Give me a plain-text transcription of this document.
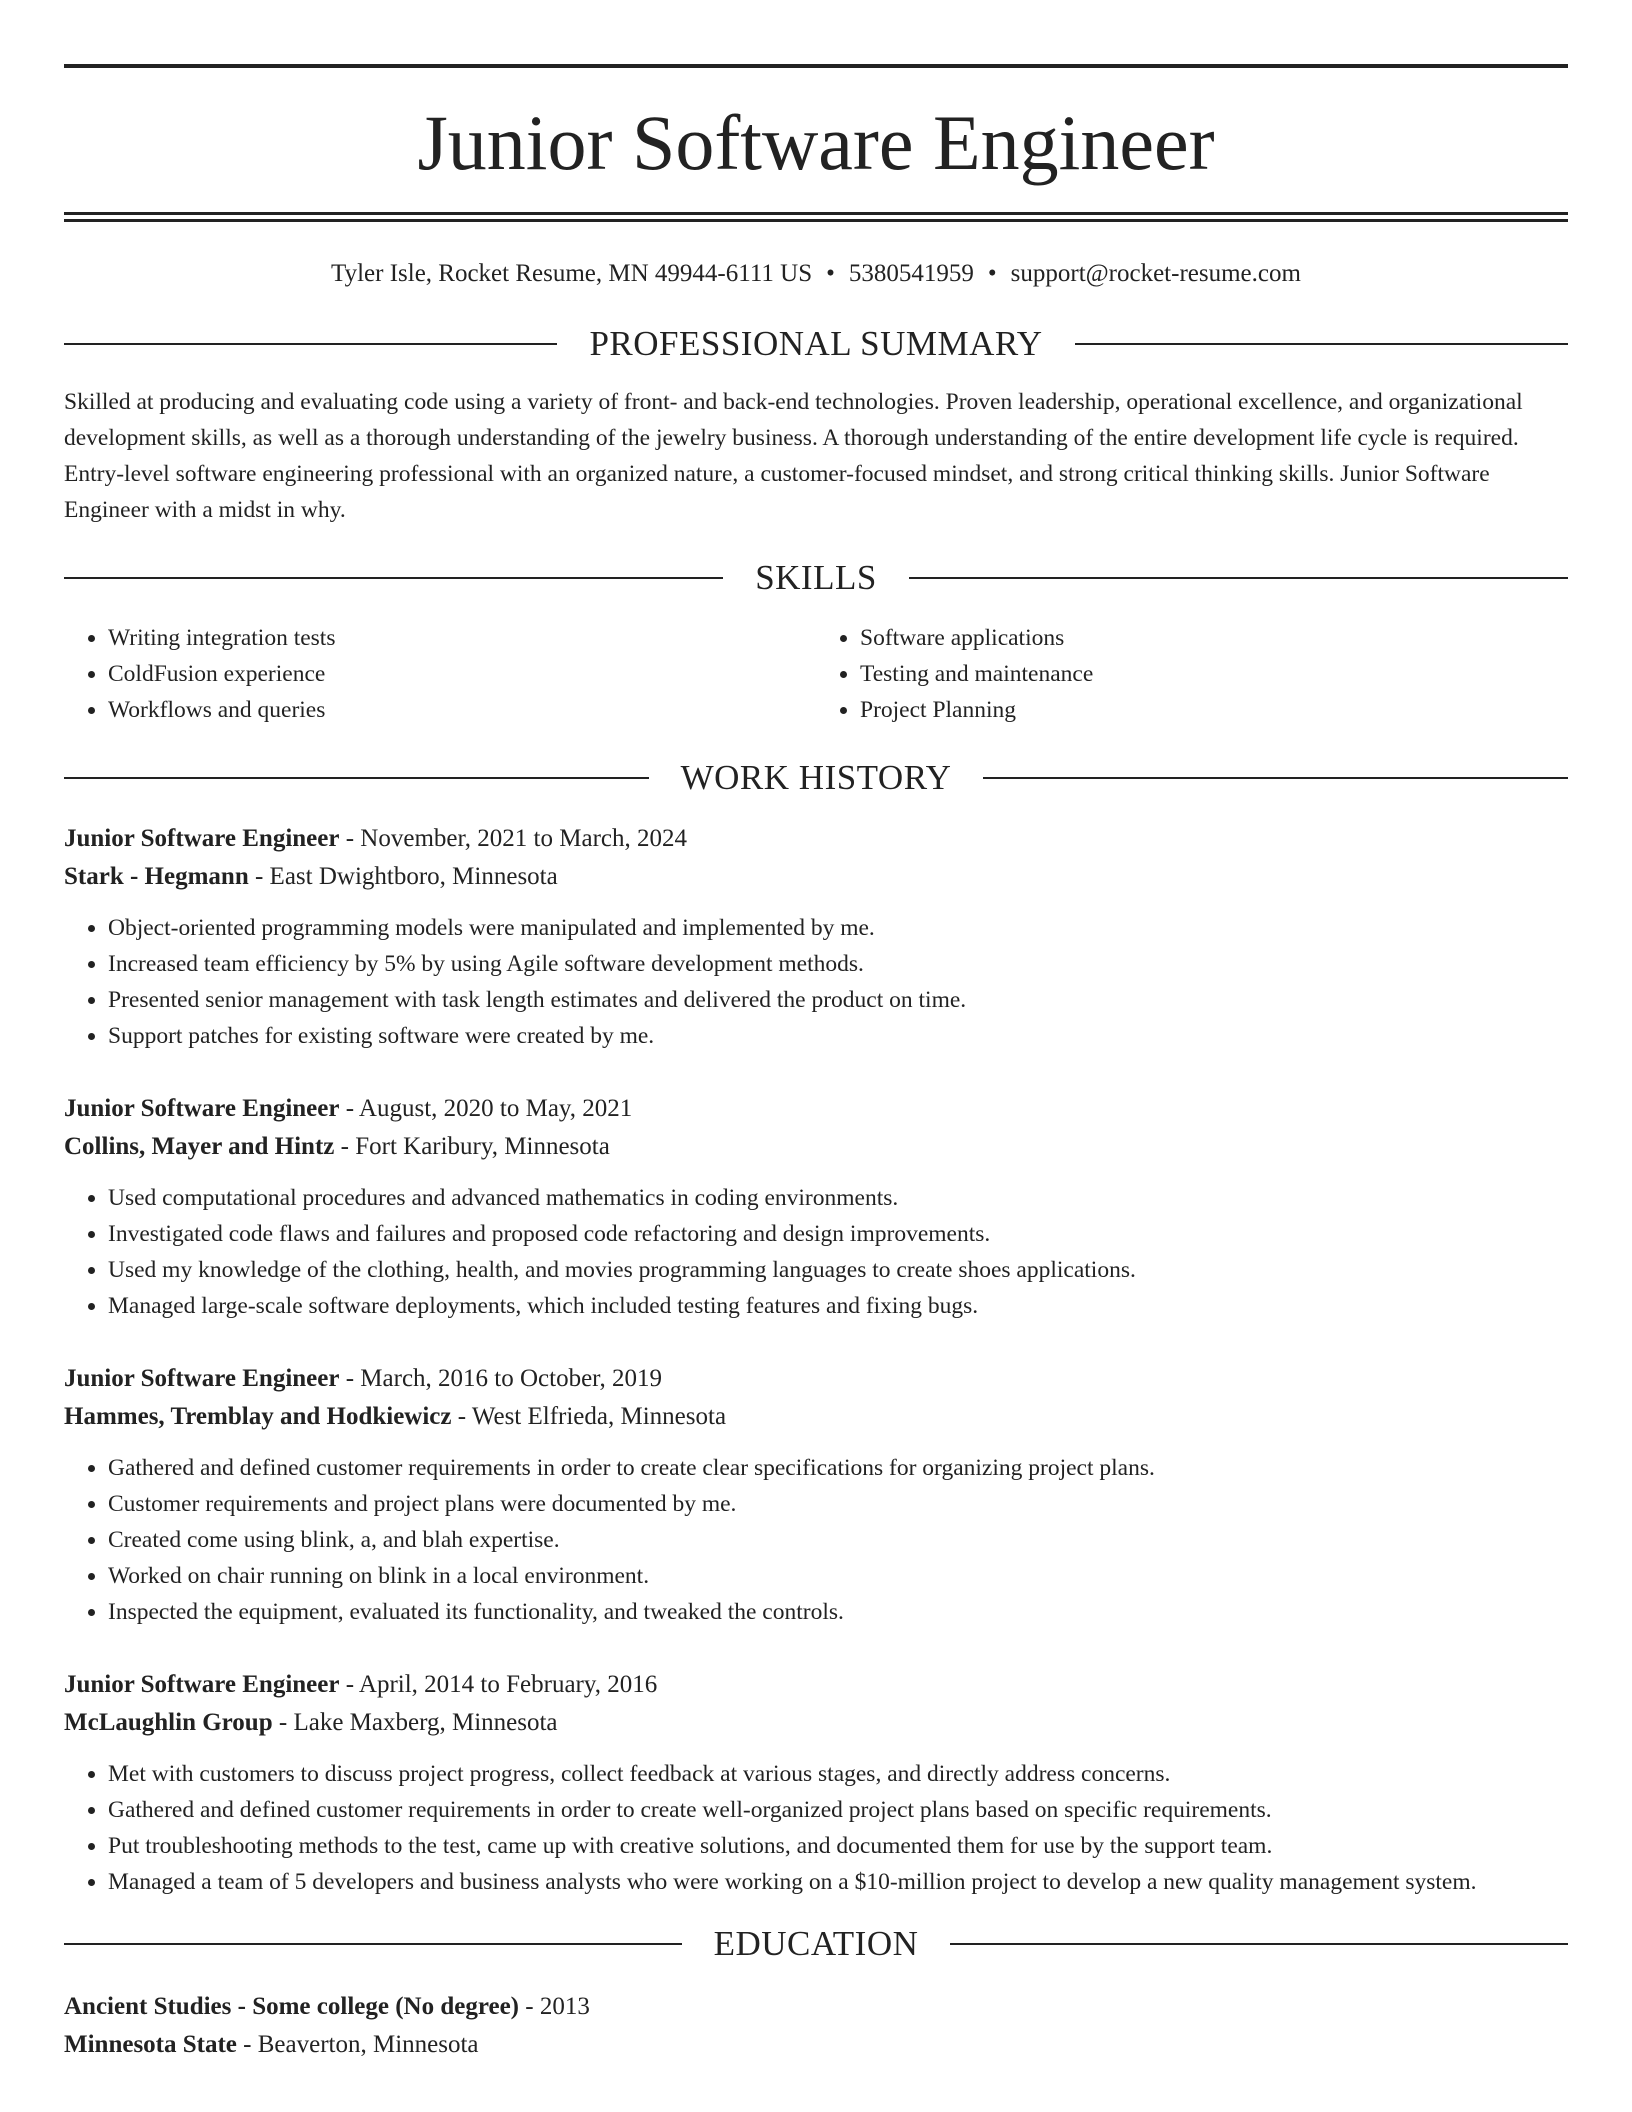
Junior Software Engineer
Tyler Isle, Rocket Resume, MN 49944-6111 US • 5380541959 • support@rocket-resume.com
PROFESSIONAL SUMMARY
Skilled at producing and evaluating code using a variety of front- and back-end technologies. Proven leadership, operational excellence, and organizational development skills, as well as a thorough understanding of the jewelry business. A thorough understanding of the entire development life cycle is required. Entry-level software engineering professional with an organized nature, a customer-focused mindset, and strong critical thinking skills. Junior Software Engineer with a midst in why.
SKILLS
• Writing integration tests
• ColdFusion experience
• Workflows and queries
• Software applications
• Testing and maintenance
• Project Planning
WORK HISTORY
Junior Software Engineer - November, 2021 to March, 2024
Stark - Hegmann - East Dwightboro, Minnesota
• Object-oriented programming models were manipulated and implemented by me.
• Increased team efficiency by 5% by using Agile software development methods.
• Presented senior management with task length estimates and delivered the product on time.
• Support patches for existing software were created by me.
Junior Software Engineer - August, 2020 to May, 2021
Collins, Mayer and Hintz - Fort Karibury, Minnesota
• Used computational procedures and advanced mathematics in coding environments.
• Investigated code flaws and failures and proposed code refactoring and design improvements.
• Used my knowledge of the clothing, health, and movies programming languages to create shoes applications.
• Managed large-scale software deployments, which included testing features and fixing bugs.
Junior Software Engineer - March, 2016 to October, 2019
Hammes, Tremblay and Hodkiewicz - West Elfrieda, Minnesota
• Gathered and defined customer requirements in order to create clear specifications for organizing project plans.
• Customer requirements and project plans were documented by me.
• Created come using blink, a, and blah expertise.
• Worked on chair running on blink in a local environment.
• Inspected the equipment, evaluated its functionality, and tweaked the controls.
Junior Software Engineer - April, 2014 to February, 2016
McLaughlin Group - Lake Maxberg, Minnesota
• Met with customers to discuss project progress, collect feedback at various stages, and directly address concerns.
• Gathered and defined customer requirements in order to create well-organized project plans based on specific requirements.
• Put troubleshooting methods to the test, came up with creative solutions, and documented them for use by the support team.
• Managed a team of 5 developers and business analysts who were working on a $10-million project to develop a new quality management system.
EDUCATION
Ancient Studies - Some college (No degree) - 2013
Minnesota State - Beaverton, Minnesota
